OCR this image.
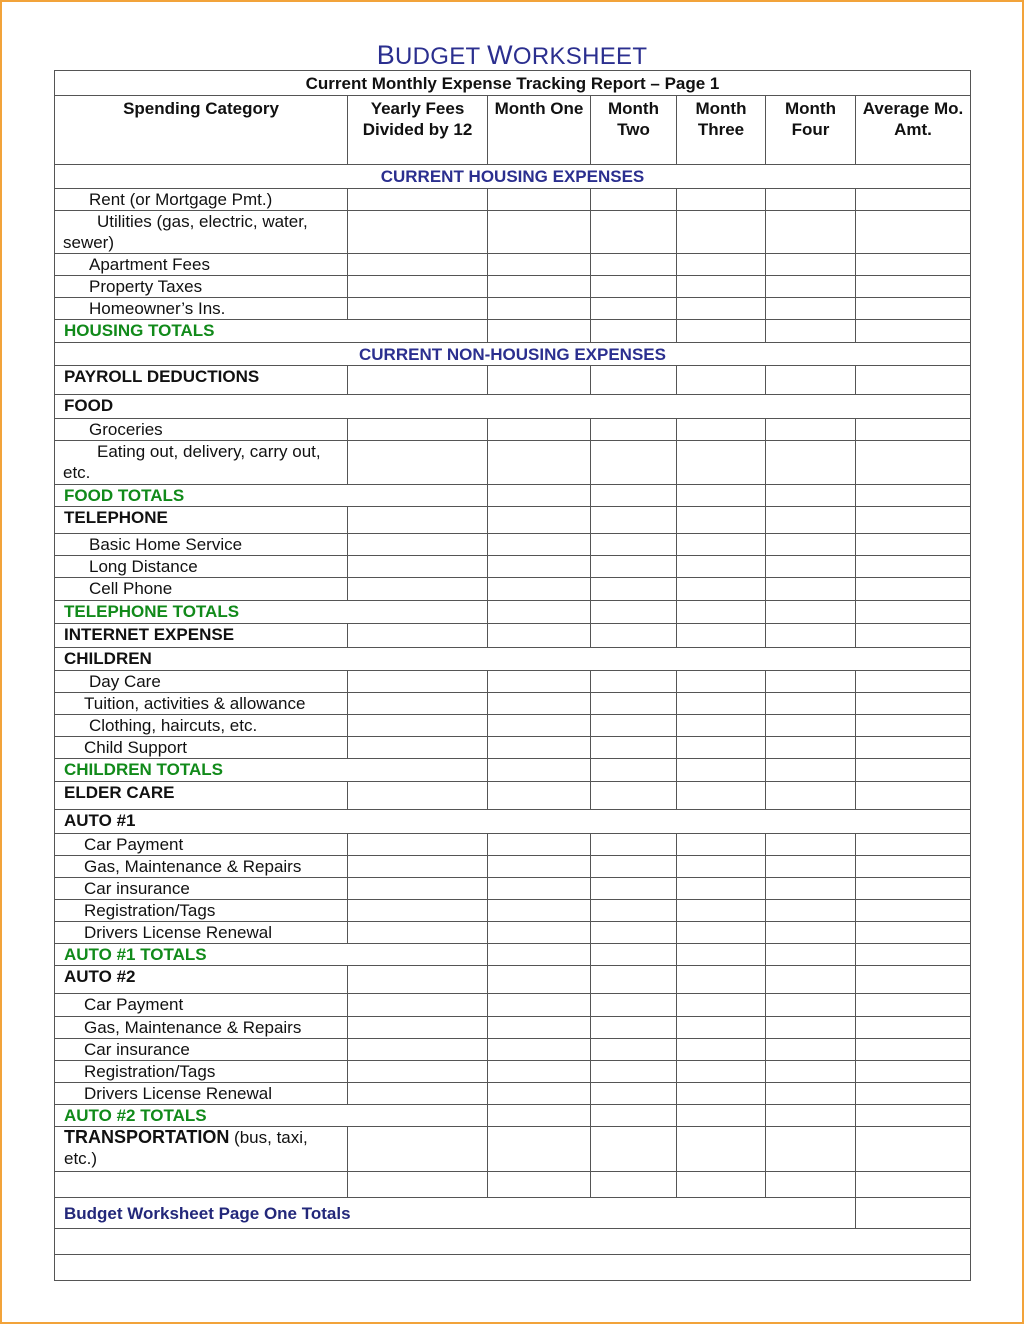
BUDGET WORKSHEET
Current Monthly Expense Tracking Report – Page 1						
Spending Category	Yearly Fees Divided by 12	Month One	Month Two	Month Three	Month Four	Average Mo. Amt.
CURRENT HOUSING EXPENSES						
Rent (or Mortgage Pmt.)						
Utilities (gas, electric, water, sewer)						
Apartment Fees						
Property Taxes						
Homeowner’s Ins.						
HOUSING TOTALS						
CURRENT NON-HOUSING EXPENSES						
PAYROLL DEDUCTIONS						
FOOD						
Groceries						
Eating out, delivery, carry out, etc.						
FOOD TOTALS						
TELEPHONE						
Basic Home Service						
Long Distance						
Cell Phone						
TELEPHONE TOTALS						
INTERNET EXPENSE						
CHILDREN						
Day Care						
Tuition, activities & allowance						
Clothing, haircuts, etc.						
Child Support						
CHILDREN TOTALS						
ELDER CARE						
AUTO #1						
Car Payment						
Gas, Maintenance & Repairs						
Car insurance						
Registration/Tags						
Drivers License Renewal						
AUTO #1 TOTALS						
AUTO #2						
Car Payment						
Gas, Maintenance & Repairs						
Car insurance						
Registration/Tags						
Drivers License Renewal						
AUTO #2 TOTALS						
TRANSPORTATION (bus, taxi, etc.)						

Budget Worksheet Page One Totals						
